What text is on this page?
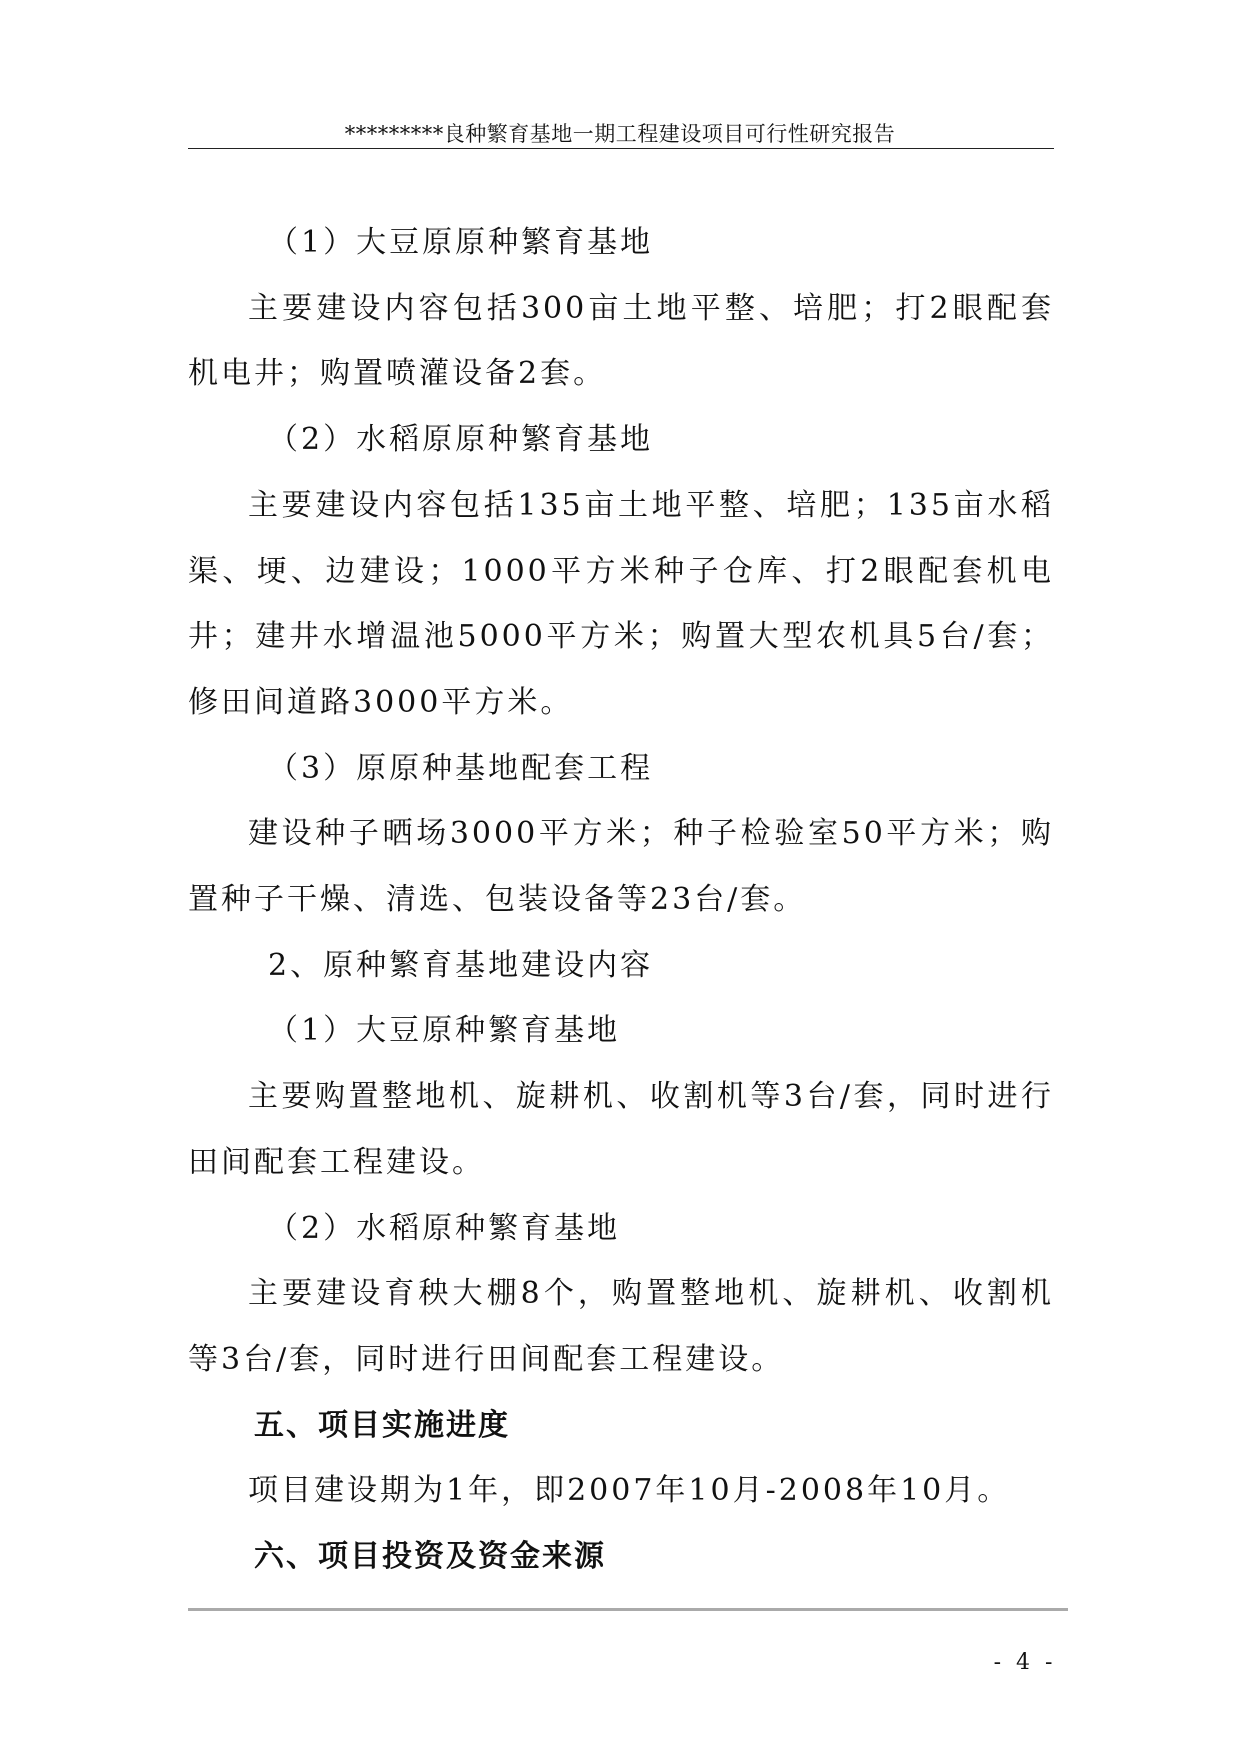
*********良种繁育基地一期工程建设项目可行性研究报告

（1）大豆原原种繁育基地

主要建设内容包括300亩土地平整、培肥；打2眼配套机电井；购置喷灌设备2套。

（2）水稻原原种繁育基地

主要建设内容包括135亩土地平整、培肥；135亩水稻渠、埂、边建设；1000平方米种子仓库、打2眼配套机电井；建井水增温池5000平方米；购置大型农机具5台/套；修田间道路3000平方米。

（3）原原种基地配套工程

建设种子晒场3000平方米；种子检验室50平方米；购置种子干燥、清选、包装设备等23台/套。

2、原种繁育基地建设内容

（1）大豆原种繁育基地

主要购置整地机、旋耕机、收割机等3台/套，同时进行田间配套工程建设。

（2）水稻原种繁育基地

主要建设育秧大棚8个，购置整地机、旋耕机、收割机等3台/套，同时进行田间配套工程建设。

五、项目实施进度

项目建设期为1年，即2007年10月-2008年10月。

六、项目投资及资金来源

- 4 -
